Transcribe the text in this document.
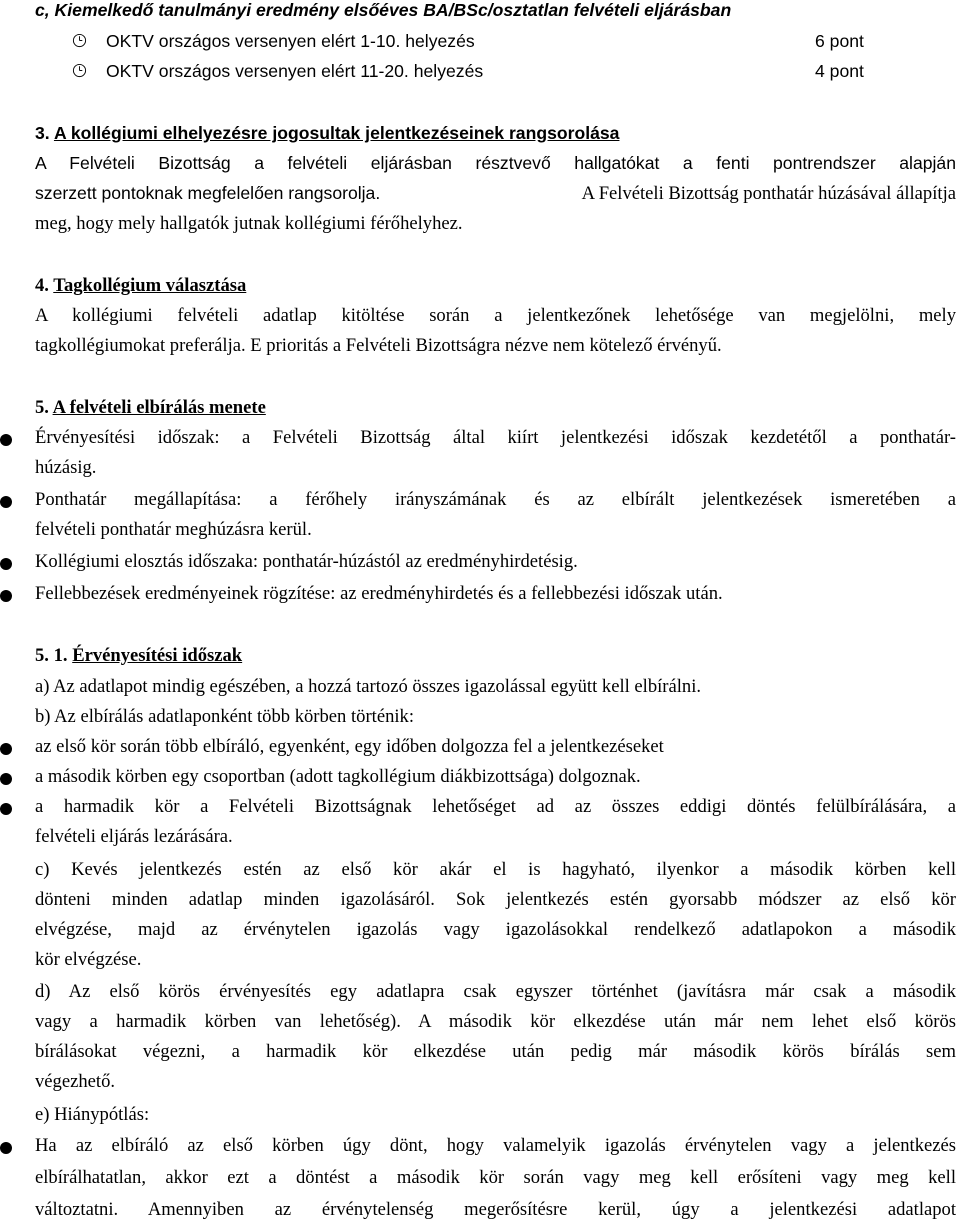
c, Kiemelkedő tanulmányi eredmény elsőéves BA/BSc/osztatlan felvételi eljárásban
OKTV országos versenyen elért 1-10. helyezés	6 pont
OKTV országos versenyen elért 11-20. helyezés	4 pont
3. A kollégiumi elhelyezésre jogosultak jelentkezéseinek rangsorolása
A Felvételi Bizottság a felvételi eljárásban résztvevő hallgatókat a fenti pontrendszer alapján
szerzett pontoknak megfelelően rangsorolja.	A Felvételi Bizottság ponthatár húzásával állapítja
meg, hogy mely hallgatók jutnak kollégiumi férőhelyhez.
4. Tagkollégium választása
A kollégiumi felvételi adatlap kitöltése során a jelentkezőnek lehetősége van megjelölni, mely
tagkollégiumokat preferálja. E prioritás a Felvételi Bizottságra nézve nem kötelező érvényű.
5. A felvételi elbírálás menete
Érvényesítési időszak: a Felvételi Bizottság által kiírt jelentkezési időszak kezdetétől a ponthatár-
húzásig.
Ponthatár megállapítása: a férőhely irányszámának és az elbírált jelentkezések ismeretében a
felvételi ponthatár meghúzásra kerül.
Kollégiumi elosztás időszaka: ponthatár-húzástól az eredményhirdetésig.
Fellebbezések eredményeinek rögzítése: az eredményhirdetés és a fellebbezési időszak után.
5. 1. Érvényesítési időszak
a) Az adatlapot mindig egészében, a hozzá tartozó összes igazolással együtt kell elbírálni.
b) Az elbírálás adatlaponként több körben történik:
az első kör során több elbíráló, egyenként, egy időben dolgozza fel a jelentkezéseket
a második körben egy csoportban (adott tagkollégium diákbizottsága) dolgoznak.
a harmadik kör a Felvételi Bizottságnak lehetőséget ad az összes eddigi döntés felülbírálására, a
felvételi eljárás lezárására.
c) Kevés jelentkezés estén az első kör akár el is hagyható, ilyenkor a második körben kell
dönteni minden adatlap minden igazolásáról. Sok jelentkezés estén gyorsabb módszer az első kör
elvégzése, majd az érvénytelen igazolás vagy igazolásokkal rendelkező adatlapokon a második
kör elvégzése.
d) Az első körös érvényesítés egy adatlapra csak egyszer történhet (javításra már csak a második
vagy a harmadik körben van lehetőség). A második kör elkezdése után már nem lehet első körös
bírálásokat végezni, a harmadik kör elkezdése után pedig már második körös bírálás sem
végezhető.
e) Hiánypótlás:
Ha az elbíráló az első körben úgy dönt, hogy valamelyik igazolás érvénytelen vagy a jelentkezés
elbírálhatatlan, akkor ezt a döntést a második kör során vagy meg kell erősíteni vagy meg kell
változtatni. Amennyiben az érvénytelenség megerősítésre kerül, úgy a jelentkezési adatlapot
